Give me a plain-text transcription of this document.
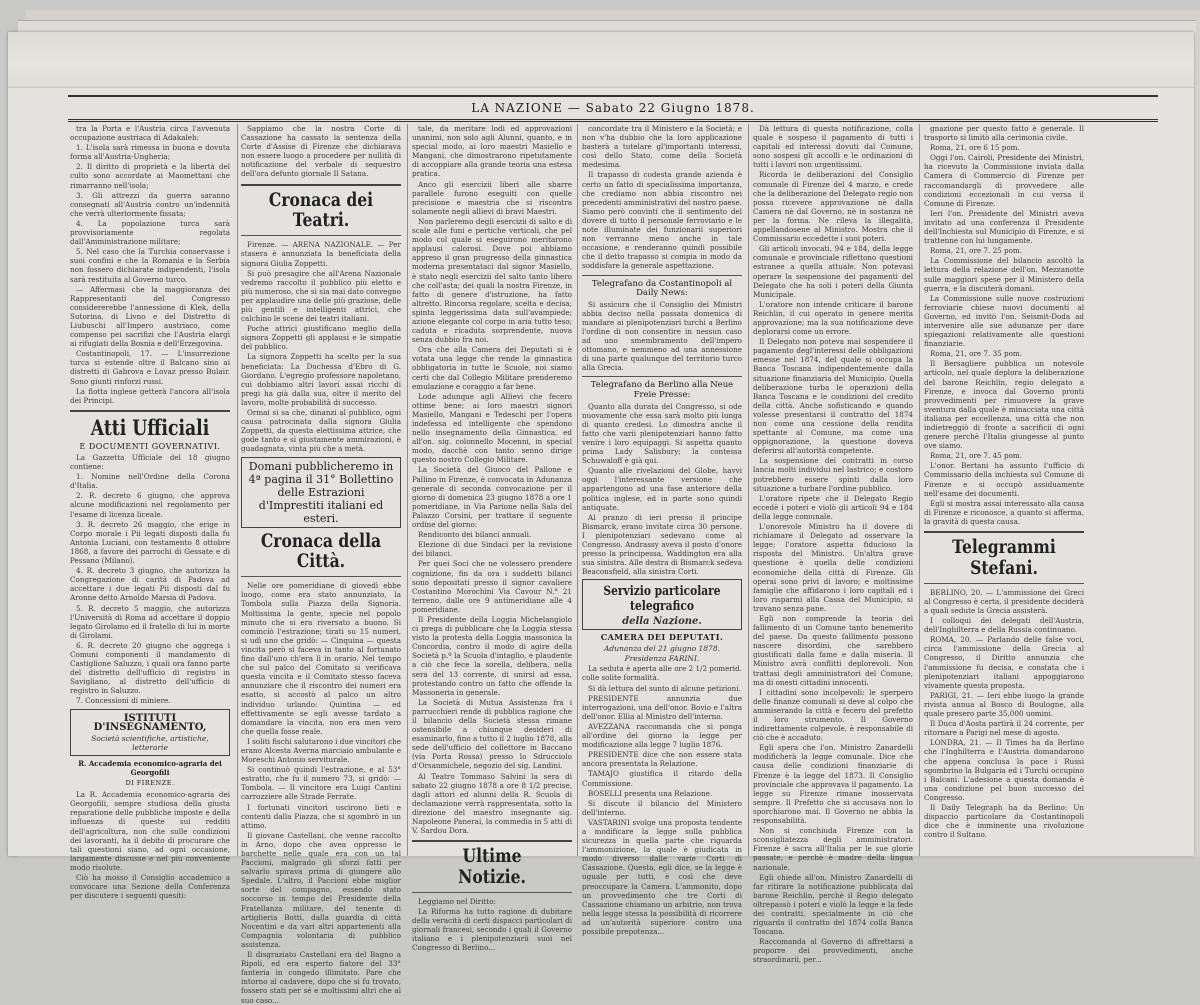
LA NAZIONE — Sabato 22 Giugno 1878.

tra la Porta e l'Austria circa l'avvenuta occupazione austriaca di Adakaleh:

1. L'isola sarà rimessa in buona e dovuta forma all'Austria-Ungheria;

2. Il diritto di proprietà e la libertà del culto sono accordate ai Maomettani che rimarranno nell'isola;

3. Gli attrezzi da guerra saranno consegnati all'Austria contro un'indennità che verrà ulteriormente fissata;

4. La popolazione turca sarà provvisoriamente regolata dall'Amministrazione militare;

5. Nel caso che la Turchia conservasse i suoi confini e che la Romania e la Serbia non fossero dichiarate indipendenti, l'isola sarà restituita al Governo turco.

— Affermasi che la maggioranza dei Rappresentanti del Congresso considererebbe l'annessione di Klek, della Sutorina, di Livno e del Distretto di Liubuschi all'Impero austriaco, come compenso pei sacrifizi che l'Austria elargì ai rifugiati della Bosnia e dell'Erzegovina.

Costantinopoli, 17. — L'insurrezione turca si estende oltre il Balcano sino ai distretti di Gabrova e Lovaz presso Bulair. Sono giunti rinforzi russi.

La flotta inglese getterà l'ancora all'isola dei Principi.

Atti Ufficiali
E DOCUMENTI GOVERNATIVI.

La Gazzetta Ufficiale del 18 giugno contiene:

1. Nomine nell'Ordine della Corona d'Italia.

2. R. decreto 6 giugno, che approva alcune modificazioni nel regolamento per l'esame di licenza liceale.

3. R. decreto 26 maggio, che erige in Corpo morale i Pii legati disposti dalla fu Antonia Luciani, con testamento 8 ottobre 1868, a favore dei parrochi di Gessate e di Pessano (Milano).

4. R. decreto 3 giugno, che autorizza la Congregazione di carità di Padova ad accettare i due legati Pii disposti dal fu Aronne detto Arnoldo Marsia di Padova.

5. R. decreto 5 maggio, che autorizza l'Università di Roma ad accettare il doppio legato Girolamo ed il fratello di lui in morte di Girolami.

6. R. decreto 20 giugno che aggrega i Comuni componenti il mandamento di Castiglione Saluzzo, i quali ora fanno parte del distretto dell'ufficio di registro in Savigliano, al distretto dell'ufficio di registro in Saluzzo.

7. Concessioni di miniere.

ISTITUTI D'INSEGNAMENTO,
Società scientifiche, artistiche, letterarie
R. Accademia economico-agraria dei Georgofili
DI FIRENZE.

La R. Accademia economico-agraria dei Georgofili, sempre studiosa della giusta reparatione delle pubbliche imposte e della influenza di queste sui redditi dell'agricoltura, non che sulle condizioni dei lavoranti, ha il debito di procurare che tali questioni siano, ad ogni occasione, largamente discusse e nel più conveniente modo risolute.

Ciò ha mosso il Consiglio accademico a convocare una Sezione della Conferenza per discutere i seguenti quesiti:

Sappiamo che la nostra Corte di Cassazione ha cassato la sentenza della Corte d'Assise di Firenze che dichiarava non essere luogo a procedere per nullità di notificazione del verbale di sequestro dell'ora defunto giornale Il Satana.

Cronaca dei Teatri.

Firenze. — ARENA NAZIONALE. — Per stasera è annunziata la beneficiata della signora Giulia Zoppetti.

Si può presagire che all'Arena Nazionale vedremo raccolto il pubblico più eletto e più numeroso, che si sia mai dato convegno per applaudire una delle più graziose, delle più gentili e intelligenti attrici, che calchino le scene dei teatri italiani.

Poche attrici giustificano meglio della signora Zoppetti gli applausi e le simpatie del pubblico.

La signora Zoppetti ha scelto per la sua beneficiata: La Duchessa d'Ebro di G. Giordano. L'egregio professore napoletano, cui dobbiamo altri lavori assai ricchi di pregi ha già dalla sua, oltre il merito del lavoro, molte probabilità di successo.

Ormai si sa che, dinanzi al pubblico, ogni causa patrocinata dalla signora Giulia Zoppetti, da questa elettissima attrice, che gode tanto e sì giustamente ammirazioni, è guadagnata, vinta più che a metà.

Domani pubblicheremo in 4ª pagina il 31° Bollettino delle Estrazioni d'Imprestiti italiani ed esteri.
Cronaca della Città.

Nelle ore pomeridiane di giovedì ebbe luogo, come era stato annunziato, la Tombola sulla Piazza della Signoria. Moltissima la gente, specie nel popolo minuto che si era riversato a buono. Si cominciò l'estrazione; tirati su 15 numeri, si udì uno che gridò: — Cinquina — questa vincita però si faceva in tanto al fortunato fino dall'uno ch'era lì in orario. Nel tempo che sul palco del Comitato si verificava questa vincita e il Comitato stesso faceva annunziare che il riscontro dei numeri era esatto, si accostò al palco un altro individuo urlando: Quintina — ed effettivamente se egli avesse tardato a domandare la vincita, non era men vero che quella fosse reale.

I soliti fischi salutarono i due vincitori che erano Alcesta Averna marciaio ambulante e Moreschi Antonio serviturale.

Si continuò quindi l'estrazione, e al 53° estratto, che fu il numero 73, si gridò: — Tombola. — Il vincitore era Luigi Cantini carrozziere alle Strade Ferrate.

I fortunati vincitori uscirono lieti e contenti dalla Piazza, che si sgombrò in un attimo.

Il giovane Castellani, che venne raccolto in Arno, dopo che avea oppresso le barchette nelle quale era con un tal Paccioni, malgrado gli sforzi fatti per salvarlo spirava prima di giungere allo Spedale. L'altro, il Paccioni ebbe miglior sorte del compagno, essendo stato soccorso in tempo del Presidente della Fratellanza militare, del tenente di artiglieria Botti, dalla guardia di città Nocentini e da vari altri appartenenti alla Compagnia volontaria di pubblico assistenza.

Il disgraziato Castellani era del Bagno a Ripoli, ed era esperto fiatore del 33° fanteria in congedo illimitato. Pare che intorno al cadavere, dopo che si fu trovato, fossero stati per sé e moltissimi altri che al suo caso...

tale, da meritare lodi ed approvazioni unanimi, non solo agli Alunni, quanto, e in special modo, ai loro maestri Masiello e Mangani, che dimostrarono ripetutamente di accoppiare alla grande teoria una estesa pratica.

Anco gli esercizii liberi alle sbarre parallele furono eseguiti con quelle precisione e maestria che si riscontra solamente negli allievi di bravi Maestri.

Non parleremo degli esercizii di salto e di scale alle funi e pertiche verticali, che pel modo col quale si eseguirono meritarono applausi calorosi. Dove poi abbiamo appreso il gran progresso della ginnastica moderna presentataci dal signor Masiello, è stato negli esercizii del salto tanto libero che coll'asta; dei quali la nostra Firenze, in fatto di genere d'istruzione, ha fatto altretto. Rincorsa regolare, scelta e decisa; spinta leggerissima data sull'avampiede; azione elegante col corpo in aria tutto teso; caduta e ricaduta sorprendente, nuova senza dubbio fra noi.

Ora che alla Camera dei Deputati si è votata una legge che rende la ginnastica obbligatoria in tutte le Scuole, noi siamo certi che dal Collegio Militare prenderemo emulazione e coraggio a far bene.

Lode adunque agli Allievi che fecero ottime bene; ai loro maestri signori Masiello, Mangani e Tedeschi per l'opera indefessa ed intelligente che spendono nello insegnamento della Ginnastica, ed all'on. sig. colonnello Mocenni, in special modo, dacchè con tanto senno dirige questo nostro Collegio Militare.

La Società del Giuoco del Pallone e Pallino in Firenze, è convocata in Adunanza generale di seconda convocazione per il giorno di domenica 23 giugno 1878 a ore 1 pomeridiane, in Via Parione nella Sala del Palazzo Corsini, per trattare il seguente ordine del giorno:

Rendiconto dei bilanci annuali.

Elezione di due Sindaci per la revisione dei bilanci.

Per quei Soci che ne volessero prendere cognizione, fin da ora i suddetti bilanci sono depositati presso il signor cavaliere Costantino Morochini Via Cavour N.° 21 terreno, dalle ore 9 antimeridiane alle 4 pomeridiane.

Il Presidente della Loggia Michelangiolo ci prega di pubblicare che la Loggia stessa visto la protesta della Loggia massonica la Concordia, contro il modo di agire della Società p.º la Scuola d'intaglio, e plaudente a ciò che fece la sorella, delibera, nella sera del 13 corrente, di unirsi ad essa, protestando contro un fatto che offende la Massoneria in generale.

La Società di Mutua Assistenza fra i parrucchieri rende di pubblica ragione che il bilancio della Società stessa rimane ostensibile a chiunque desideri di esaminarlo, fino a tutto il 2 luglio 1878, alla sede dell'ufficio del collettore in Baccano (via Porta Rossa) presso lo Sdrucciolo d'Orsanmichele, negozio del sig. Landini.

Al Teatro Tommaso Salvini la sera di sabato 22 giugno 1878 a ore 8 1/2 precise, dagli attori ed alunni della R. Scuola di declamazione verrà rappresentata, sotto la direzione del maestro insegnante sig. Napoleone Panerai, la commedia in 5 atti di V. Sardou Dora.

Ultime Notizie.

Leggiamo nel Diritto:

La Riforma ha tutto ragione di dubitare della veracità di certi dispacci particolari di giornali francesi, secondo i quali il Governo italiano e i plenipotenziarii suoi nel Congresso di Berlino...

concordate tra il Ministero e la Società; e non v'ha dubbio che la loro applicazione basterà a tutelare gl'importanti interessi, così dello Stato, come della Società medesima.

Il trapasso di codesta grande azienda è certo un fatto di specialissima importanza, che crediamo non abbia riscontro nei precedenti amministrativi del nostro paese. Siamo però convinti che il sentimento del dovere di tutto il personale ferroviario e le note illuminate dei funzionarii superiori non verranno meno anche in tale occasione, e renderanno quindi possibile che il detto trapasso si compia in modo da soddisfare la generale aspettazione.

Telegrafano da Costantinopoli al Daily News:

Si assicura che il Consiglio dei Ministri abbia deciso nella passata domenica di mandare ai plenipotenziari turchi a Berlino l'ordine di non consentire in nessun caso ad uno smembramento dell'impero ottomano, e nemmeno ad una annessione di una parte qualunque del territorio turco alla Grecia.

Telegrafano da Berlino alla Neue Freie Presse:

Quanto alla durata del Congresso, si ode nuovamente che essa sarà molto più lunga di quanto credesi. Lo dimostra anche il fatto che varii plenipotenziari hanno fatto venire i loro equipaggi. Si aspetta quanto prima Lady Salisbury; la contessa Schuwaloff è già qui.

Quanto alle rivelazioni del Globe, havvi oggi l'interessante versione che appartengono ad una fase anteriore della politica inglese, ed in parte sono quindi antiquate.

Al pranzo di ieri presso il principe Bismarck, erano invitate circa 30 persone. I plenipotenziari sedevano come al Congresso. Andrassy aveva il posto d'onore presso la principessa, Waddington era alla sua sinistra. Alle destra di Bismarck sedeva Beaconsfield, alla sinistra Corti.

Servizio particolare telegrafico
della Nazione.
CAMERA DEI DEPUTATI.
Adunanza del 21 giugno 1878.
Presidenza FARINI.

La seduta è aperta alle ore 2 1/2 pomerid. colle solite formalità.

Si dà lettura del sunto di alcune petizioni.

PRESIDENTE annunzia due interrogazioni, una dell'onor. Bovio e l'altra dell'onor. Ellia al Ministro dell'interno.

AVEZZANA raccomanda che si ponga all'ordine del giorno la legge per modificazione alla legge 7 luglio 1876.

PRESIDENTE dice che non essere stata ancora presentata la Relazione.

TAMAJO giustifica il ritardo della Commissione.

BOSELLI presenta una Relazione.

Si discute il bilancio del Ministero dell'interno.

VASTARINI svolge una proposta tendente a modificare la legge sulla pubblica sicurezza in quella parte che riguarda l'ammonizione, la quale è giudicata in modo diverso dalle varie Corti di Cassazione. Questa, egli dice, se la legge è uguale per tutti, è così che deve preoccupare la Camera. L'ammonito, dopo un provvedimento che tre Corti di Cassazione chiamano un arbitrio, non trova nella legge stessa la possibilità di ricorrere ad un'autorità superiore contro una possibile prepotenza...

Dà lettura di questa notificazione, colla quale è sospeso il pagamento di tutti i capitali ed interessi dovuti dal Comune, sono sospesi gli accolli e le ordinazioni di tutti i lavori non urgentissimi.

Ricorda le deliberazioni del Consiglio comunale di Firenze del 4 marzo, e crede che la deliberazione del Delegato regio non possa ricevere approvazione nè dalla Camera nè dal Governo, nè in sostanza nè per la forma. Ne rileva la illegalità, appellandosene al Ministro. Mostra che il Commissario eccedette i suoi poteri.

Gli articoli invocati, 94 e 184, della legge comunale e provinciale riflettono questioni estranee a quella attuale. Non potevasi operare la sospensione dei pagamenti del Delegato che ha soli i poteri della Giunta Municipale.

L'oratore non intende criticare il barone Reichlin, il cui operato in genere merita approvazione; ma la sua notificazione deve deplorarsi come un errore.

Il Delegato non poteva mai sospendere il pagamento degl'interessi delle obbligazioni emesse nel 1874, del quale si occupa la Banca Toscana indipendentemente dalla situazione finanziaria del Municipio. Quella deliberazione turba le operazioni della Banca Toscana e le condizioni del credito della città. Anche sofisticando e quando volesse presentarsi il contratto del 1874 non come una cessione della rendita spettante al Comune, ma come una oppignorazione, la questione doveva deferirsi all'autorità competente.

La sospensione dei contratti in corso lancia molti individui nel lastrico; e costoro potrebbero essere spinti dalla loro situazione a turbare l'ordine pubblico.

L'oratore ripete che il Delegato Regio eccedè i poteri e violò gli articoli 94 e 184 della legge comunale.

L'onorevole Ministro ha il dovere di richiamare il Delegato ad osservare la legge; l'oratore aspetta fiducioso la risposta del Ministro. Un'altra grave questione è quella delle condizioni economiche della città di Firenze. Gli operai sono privi di lavoro; e moltissime famiglie che affidarono i loro capitali ed i loro risparmi alla Cassa del Municipio, si trovano senza pane.

Egli non comprende la teoria del fallimento di un Comune tanto benemerito del paese. Da questo fallimento possono nascere disordini, che sarebbero giustificati dalla fame e dalla miseria. Il Ministro avrà conflitti deplorevoli. Non trattasi degli amministratori del Comune, ma di onesti cittadini innocenti.

I cittadini sono incolpevoli: le sperpero delle finanze comunali si deve al colpo che ammiserando la città e fecero del prefetto il loro strumento. Il Governo indirettamente colpevole, è responsabile di ciò che è accaduto.

Egli spera che l'on. Ministro Zanardelli modificherà la legge comunale. Dice che causa delle condizioni finanziarie di Firenze è la legge del 1873. Il Consiglio provinciale che approvava il pagamento. La legge su Firenze rimane inosservata sempre. Il Prefetto che si accusava non lo sporchiarono mai. Il Governo ne abbia la responsabilità.

Non si conchiuda Firenze con la sconsigliatezza degli amministratori. Firenze è sacra all'Italia per le sue glorie passate, e perchè è madre della lingua nazionale.

Egli chiede all'on. Ministro Zanardelli di far ritirare la notificazione pubblicata dal barone Reichlin, perchè il Regio delegato oltrepassò i poteri e violò la legge e la fede dei contratti, specialmente in ciò che riguarda il contratto del 1874 colla Banca Toscana.

Raccomanda al Governo di affrettarsi a proporre dei provvedimenti, anche straordinarii, per...

gnazione per questo fatto è generale. Il trasporto si limitò alla cerimonia civile.

Roma, 21, ore 6 15 pom.

Oggi l'on. Cairoli, Presidente dei Ministri, ha ricevuto la Commissione inviata dalla Camera di Commercio di Firenze per raccomandargli di provvedere alle condizioni eccezionali in cui versa il Comune di Firenze.

Ieri l'on. Presidente del Ministri aveva invitato ad una conferenza il Presidente dell'Inchiesta sul Municipio di Firenze, e si trattenne con lui lungamente.

Roma, 21, ore 7. 25 pom.

La Commissione del bilancio ascoltò la lettura della relazione dell'on. Mezzanotte sulle maggiori spese per il Ministero della guerra, e la discuterà domani.

La Commissione sulle nuove costruzioni ferroviarie chiese nuovi documenti al Governo, ed invitò l'on. Seismit-Doda ad intervenire alle sue adunanze per dare spiegazioni relativamente alle questioni finanziarie.

Roma, 21, ore 7. 35 pom.

Il Bersagliere pubblica un notevole articolo, nel quale deplora la deliberazione del barone Reichlin, regio delegato a Firenze, e invoca dal Governo pronti provvedimenti per rimuovere la grave sventura dalla quale è minacciata una città italiana per eccellenza, una città che non indietreggiò di fronte a sacrificii di ogni genere perchè l'Italia giungesse al punto ove siamo.

Roma, 21, ore 7. 45 pom.

L'onor. Bertani ha assunto l'ufficio di Commissario della inchiesta sul Comune di Firenze e si occupò assiduamente nell'esame dei documenti.

Egli si mostra assai interessato alla causa di Firenze e riconosce, a quanto si afferma, la gravità di questa causa.

Telegrammi Stefani.

BERLINO, 20. — L'ammissione dei Greci al Congresso è certa, il presidente deciderà a quali sedute la Grecia assisterà.

I colloqui dei delegati dell'Austria, dell'Inghilterra e della Russia continuano.

ROMA, 20. — Parlando delle false voci, circa l'ammissione della Grecia al Congresso, il Diritto annunzia che l'ammissione fu decisa, e constata che i plenipotenziari italiani appoggiarono vivamente questa proposta.

PARIGI, 21. — Ieri ebbe luogo la grande rivista annua al Bosco di Boulogne, alla quale presero parte 35,000 uomini.

Il Duca d'Aosta partirà il 24 corrente, per ritornare a Parigi nel mese di agosto.

LONDRA, 21. — Il Times ha da Berlino che l'Inghilterra e l'Austria domandarono che appena conclusa la pace i Russi sgombrino la Bulgaria ed i Turchi occupino i Balcani. L'adesione a questa domanda è una condizione pel buon successo del Congresso.

Il Daily Telegraph ha da Berlino: Un dispaccio particolare da Costantinopoli dice che è imminente una rivoluzione contro il Sultano.
